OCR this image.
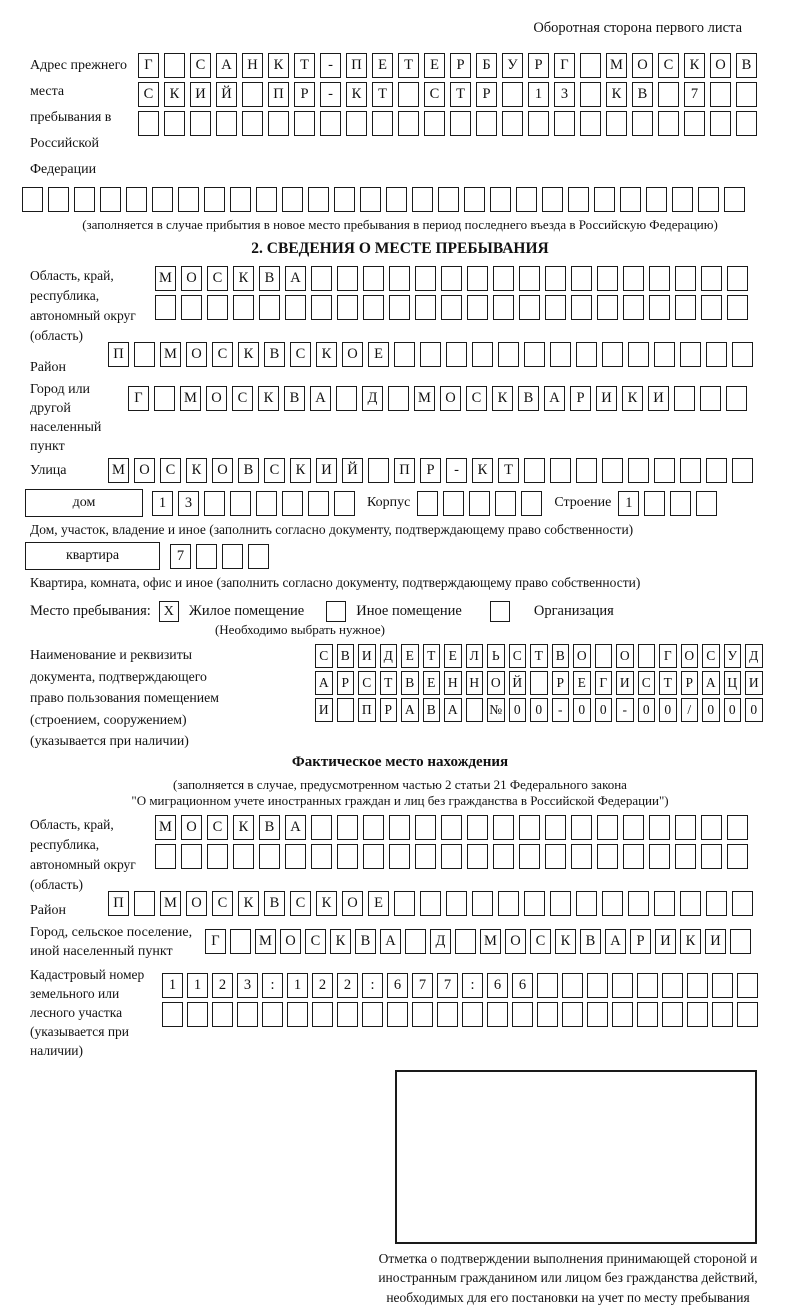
Оборотная сторона первого листа
Адрес прежнего места пребывания в Российской Федерации
Г	С	А	Н	К	Т	-	П	Е	Т	Е	Р	Б	У	Р	Г	М О	С	К	О	В
С	К	И	Й	П	Р	-	К	Т	С	Т	Р	1	3	К	В	7
(заполняется в случае прибытия в новое место пребывания в период последнего въезда в Российскую Федерацию)
2. СВЕДЕНИЯ О МЕСТЕ ПРЕБЫВАНИЯ
Область, край, республика, автономный округ (область)
М О	С	К	В	А
Район
П	М О	С	К	В	С	К	О	Е
Город или другой населенный пункт
Г	М О	С	К	В	А	Д	М О	С	К	В	А	Р	И	К	И
Улица	М О	С	К	О	В	С	К	И	Й	П	Р	-	К	Т
дом	1	3	Корпус	Строение 1
Дом, участок, владение и иное (заполнить согласно документу, подтверждающему право собственности)
квартира	7
Квартира, комната, офис и иное (заполнить согласно документу, подтверждающему право собственности)
Место пребывания: X	Жилое помещение	Иное помещение	Организация
(Необходимо выбрать нужное)
Наименование и реквизиты документа, подтверждающего право пользования помещением (строением, сооружением) (указывается при наличии)
С В И Д Е Т Е Л Ь С Т В О О	Г О С У Д
А Р С Т В Е Н Н О Й	Р	Е Г И С Т	Р А Ц И
И П Р А В А № 0	0	-	0	0	-	0	0	/	0	0	0
Фактическое место нахождения
(заполняется в случае, предусмотренном частью 2 статьи 21 Федерального закона
"О миграционном учете иностранных граждан и лиц без гражданства в Российской Федерации")
Область, край, республика, автономный округ (область)
М О	С	К	В	А
Район	П	М О	С	К	В	С	К	О	Е
Город, сельское поселение, иной населенный пункт
Г	М О	С	К	В	А	Д	М О	С	К	В	А	Р	И	К	И
Кадастровый номер земельного или лесного участка (указывается при наличии)
1	1	2	3	:	1	2	2	:	6	7	7	:	6	6
Отметка о подтверждении выполнения принимающей стороной и иностранным гражданином или лицом без гражданства действий, необходимых для его постановки на учет по месту пребывания
